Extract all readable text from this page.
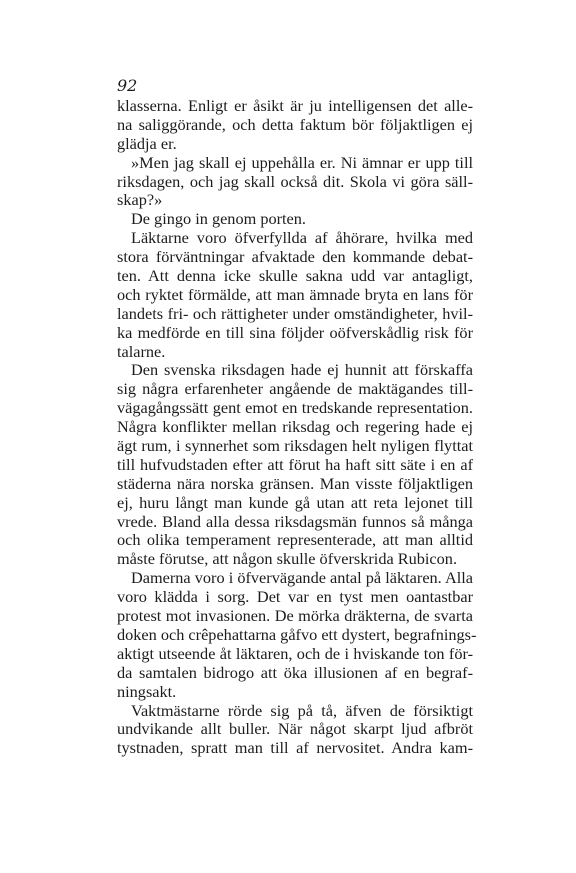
92
klasserna. Enligt er åsikt är ju intelligensen det alle-
na saliggörande, och detta faktum bör följaktligen ej
glädja er.
»Men jag skall ej uppehålla er. Ni ämnar er upp till
riksdagen, och jag skall också dit. Skola vi göra säll-
skap?»
De gingo in genom porten.
Läktarne voro öfverfyllda af åhörare, hvilka med
stora förväntningar afvaktade den kommande debat-
ten. Att denna icke skulle sakna udd var antagligt,
och ryktet förmälde, att man ämnade bryta en lans för
landets fri- och rättigheter under omständigheter, hvil-
ka medförde en till sina följder oöfverskådlig risk för
talarne.
Den svenska riksdagen hade ej hunnit att förskaffa
sig några erfarenheter angående de maktägandes till-
vägagångssätt gent emot en tredskande representation.
Några konflikter mellan riksdag och regering hade ej
ägt rum, i synnerhet som riksdagen helt nyligen flyttat
till hufvudstaden efter att förut ha haft sitt säte i en af
städerna nära norska gränsen. Man visste följaktligen
ej, huru långt man kunde gå utan att reta lejonet till
vrede. Bland alla dessa riksdagsmän funnos så många
och olika temperament representerade, att man alltid
måste förutse, att någon skulle öfverskrida Rubicon.
Damerna voro i öfvervägande antal på läktaren. Alla
voro klädda i sorg. Det var en tyst men oantastbar
protest mot invasionen. De mörka dräkterna, de svarta
doken och crêpehattarna gåfvo ett dystert, begrafnings-
aktigt utseende åt läktaren, och de i hviskande ton för-
da samtalen bidrogo att öka illusionen af en begraf-
ningsakt.
Vaktmästarne rörde sig på tå, äfven de försiktigt
undvikande allt buller. När något skarpt ljud afbröt
tystnaden, spratt man till af nervositet. Andra kam-
